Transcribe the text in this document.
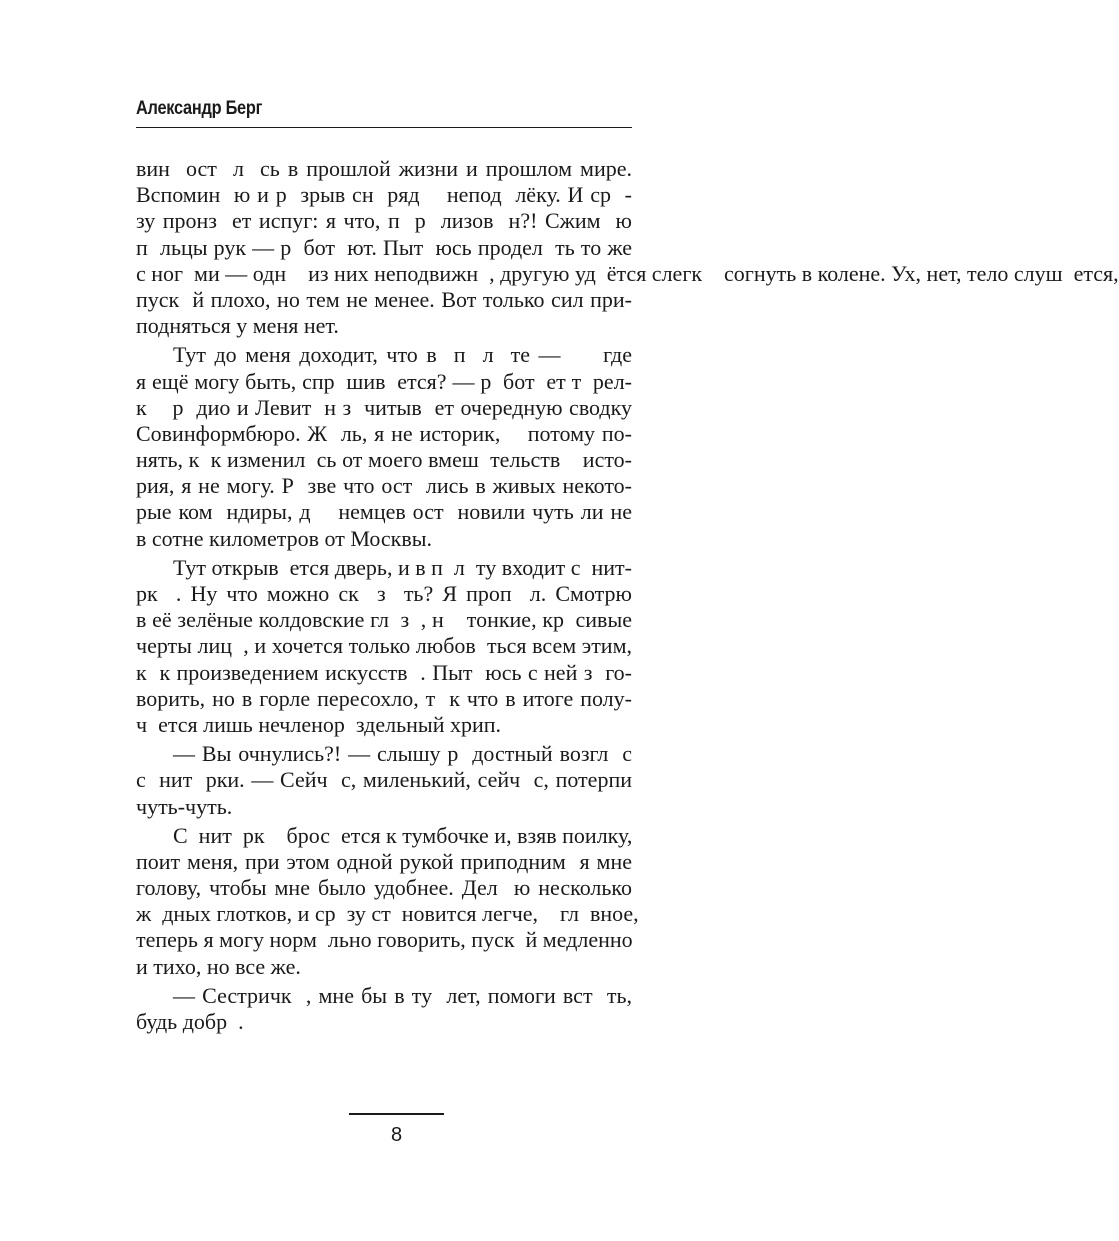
Александр Берг
вин  ост  л  сь в прошлой жизни и прошлом мире.
Вспомин  ю и р  зрыв сн  ряд    непод  лёку. И ср  -
зу пронз  ет испуг: я что, п  р  лизов  н?! Сжим  ю
п  льцы рук — р  бот  ют. Пыт  юсь продел  ть то же
с ног  ми — одн    из них неподвижн  , другую уд  ётся слегк    согнуть в колене. Ух, нет, тело слуш  ется,
пуск  й плохо, но тем не менее. Вот только сил при-
подняться у меня нет.
Тут до меня доходит, что в  п  л  те —     где
я ещё могу быть, спр  шив  ется? — р  бот  ет т  рел-
к    р  дио и Левит  н з  читыв  ет очередную сводку
Совинформбюро. Ж  ль, я не историк,    потому по-
нять, к  к изменил  сь от моего вмеш  тельств    исто-
рия, я не могу. Р  зве что ост  лись в живых некото-
рые ком  ндиры, д    немцев ост  новили чуть ли не
в сотне километров от Москвы.
Тут открыв  ется дверь, и в п  л  ту входит с  нит-
рк  . Ну что можно ск  з  ть? Я проп  л. Смотрю
в её зелёные колдовские гл  з  , н    тонкие, кр  сивые
черты лиц  , и хочется только любов  ться всем этим,
к  к произведением искусств  . Пыт  юсь с ней з  го-
ворить, но в горле пересохло, т  к что в итоге полу-
ч  ется лишь нечленор  здельный хрип.
— Вы очнулись?! — слышу р  достный возгл  с
с  нит  рки. — Сейч  с, миленький, сейч  с, потерпи
чуть-чуть.
С  нит  рк    брос  ется к тумбочке и, взяв поилку,
поит меня, при этом одной рукой приподним  я мне
голову, чтобы мне было удобнее. Дел  ю несколько
ж  дных глотков, и ср  зу ст  новится легче,    гл  вное,
теперь я могу норм  льно говорить, пуск  й медленно
и тихо, но все же.
— Сестричк  , мне бы в ту  лет, помоги вст  ть,
будь добр  .
8
